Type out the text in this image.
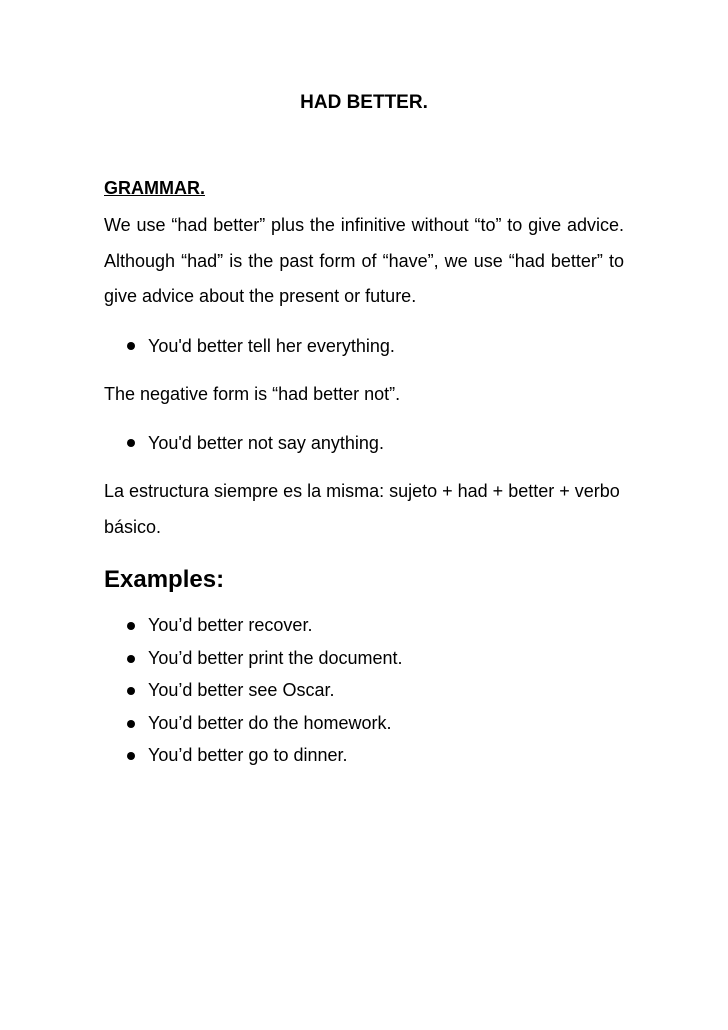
HAD BETTER.
GRAMMAR.

We use “had better” plus the infinitive without “to” to give advice. Although “had” is the past form of “have”, we use “had better” to give advice about the present or future.

You'd better tell her everything.

The negative form is “had better not”.

You'd better not say anything.

La estructura siempre es la misma: sujeto + had + better + verbo básico.

Examples:
You’d better recover.
You’d better print the document.
You’d better see Oscar.
You’d better do the homework.
You’d better go to dinner.
